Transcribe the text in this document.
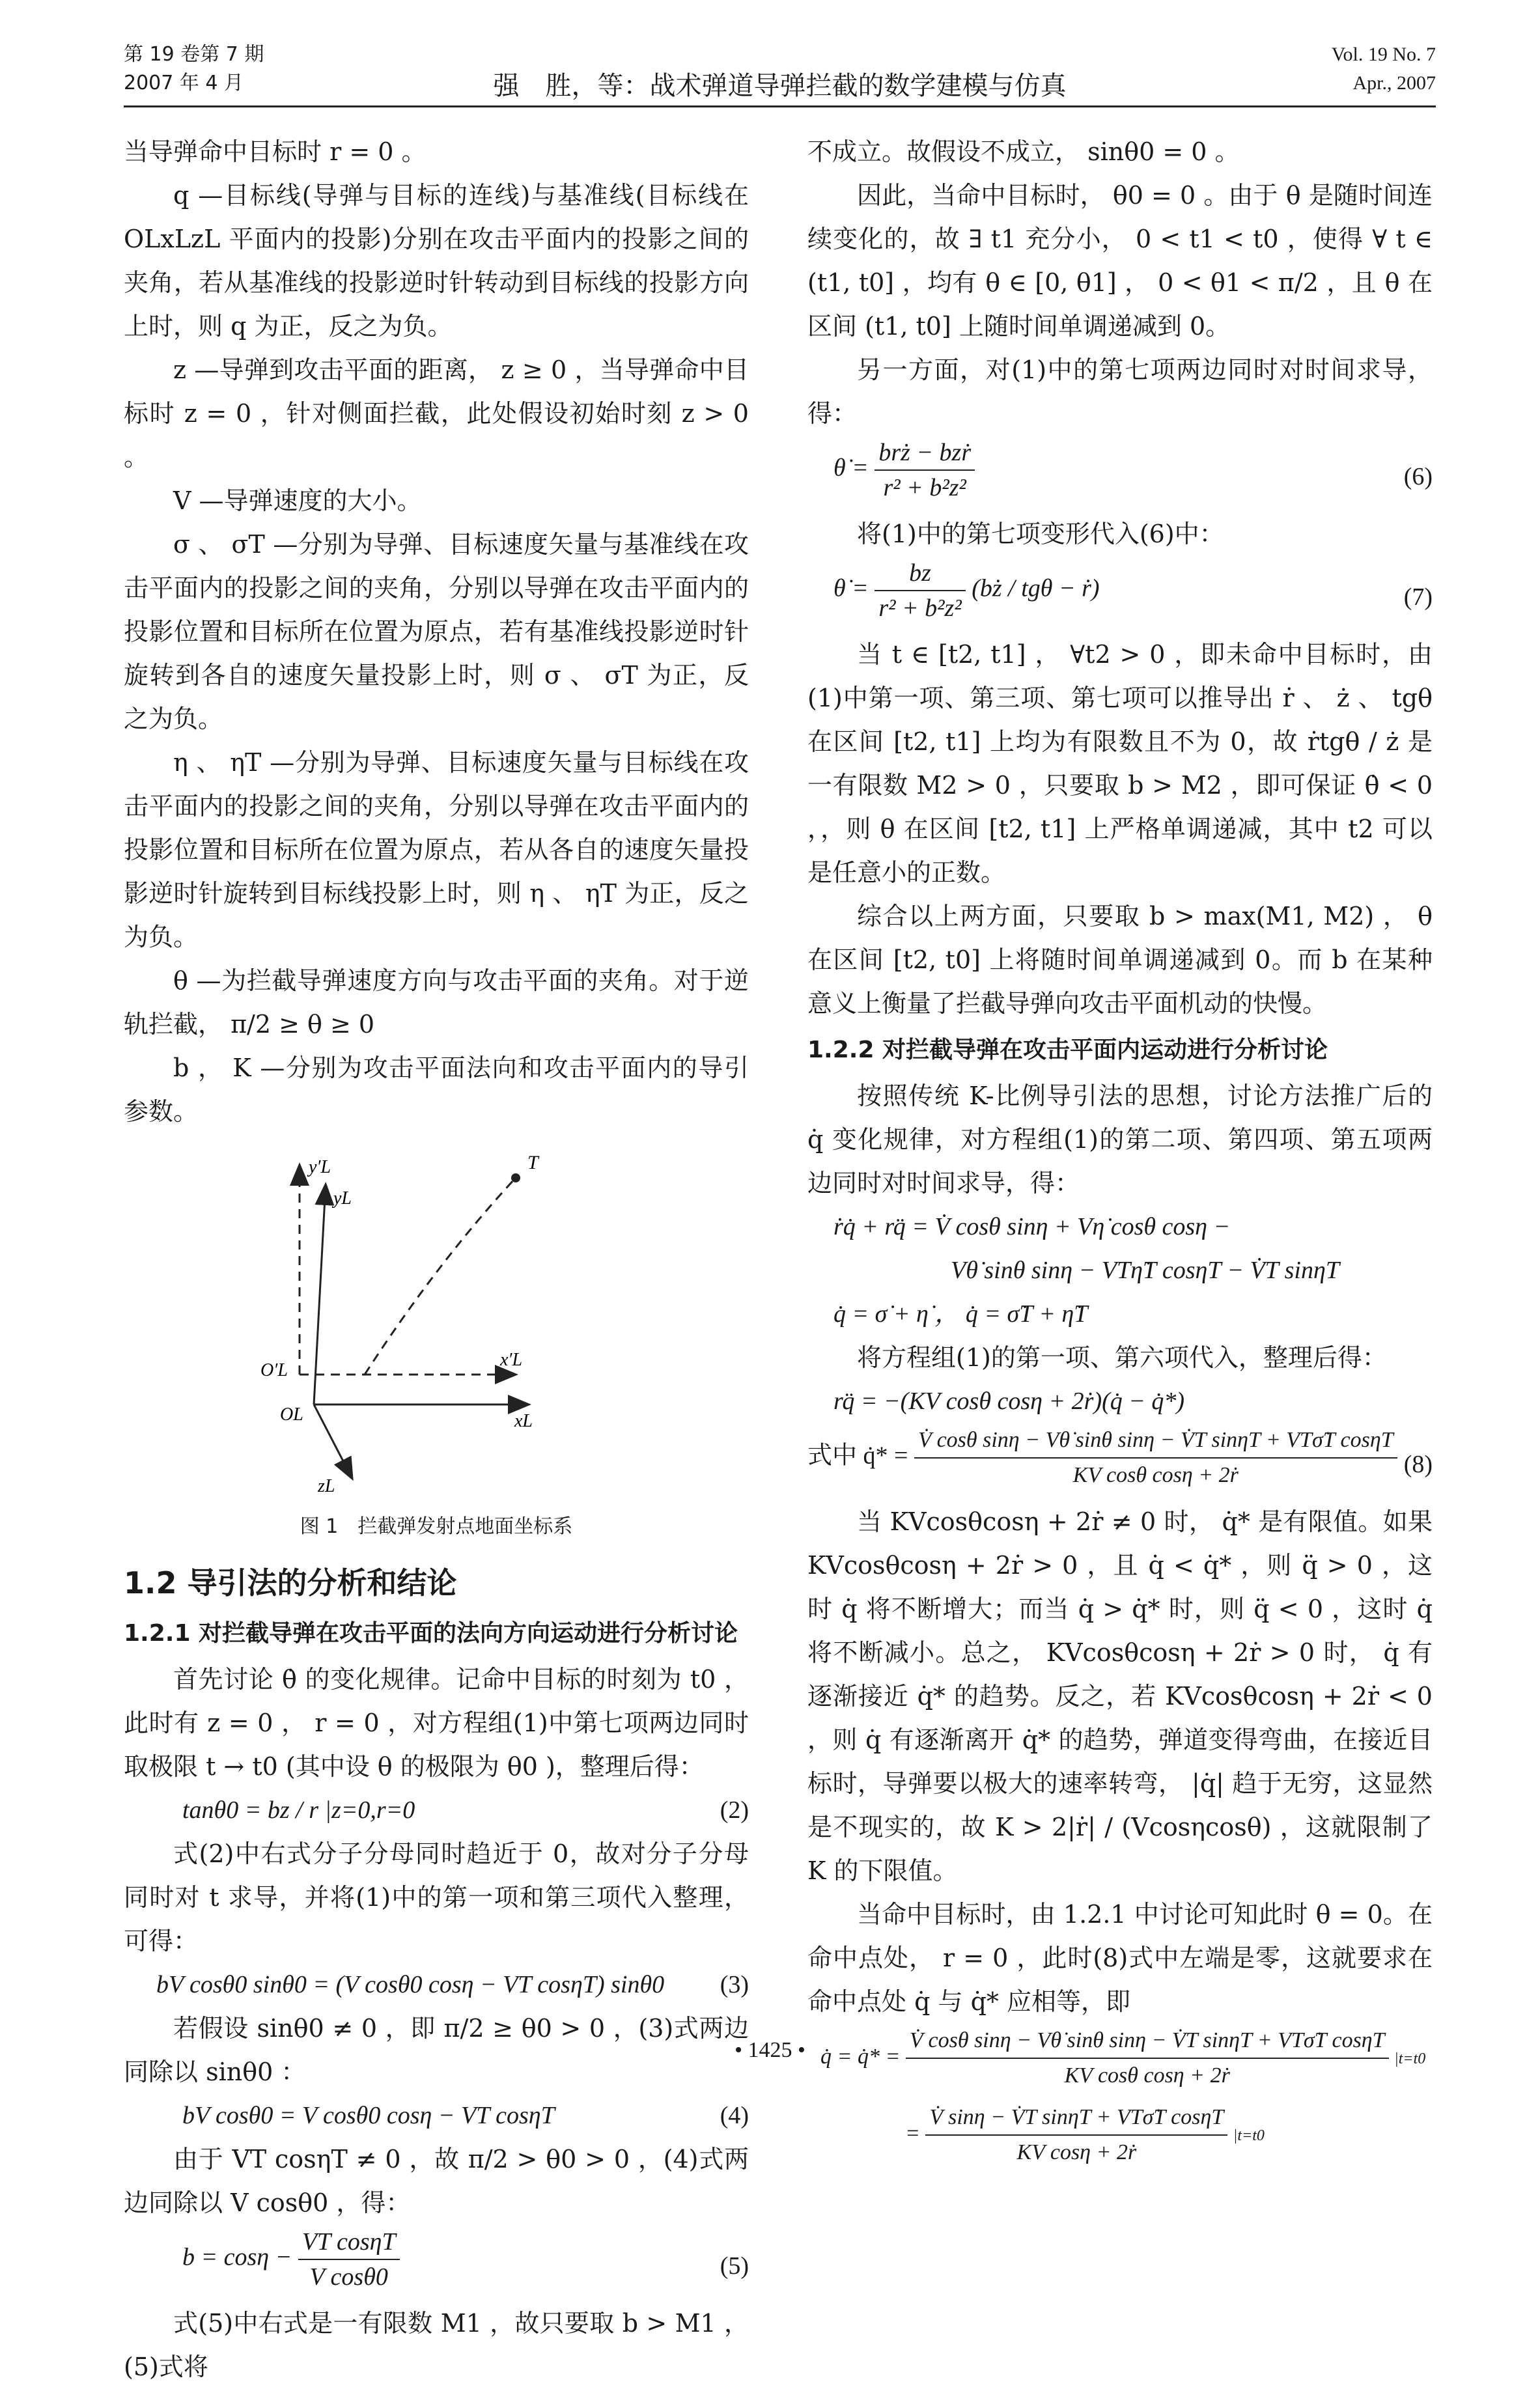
第 19 卷第 7 期	Vol. 19 No. 7
2007 年 4 月	强　胜，等：战术弹道导弹拦截的数学建模与仿真	Apr., 2007

当导弹命中目标时 r = 0 。

q —目标线(导弹与目标的连线)与基准线(目标线在 OLxLzL 平面内的投影)分别在攻击平面内的投影之间的夹角，若从基准线的投影逆时针转动到目标线的投影方向上时，则 q 为正，反之为负。

z —导弹到攻击平面的距离， z ≥ 0 ，当导弹命中目标时 z = 0 ，针对侧面拦截，此处假设初始时刻 z > 0 。

V —导弹速度的大小。

σ 、 σT —分别为导弹、目标速度矢量与基准线在攻击平面内的投影之间的夹角，分别以导弹在攻击平面内的投影位置和目标所在位置为原点，若有基准线投影逆时针旋转到各自的速度矢量投影上时，则 σ 、 σT 为正，反之为负。

η 、 ηT —分别为导弹、目标速度矢量与目标线在攻击平面内的投影之间的夹角，分别以导弹在攻击平面内的投影位置和目标所在位置为原点，若从各自的速度矢量投影逆时针旋转到目标线投影上时，则 η 、 ηT 为正，反之为负。

θ —为拦截导弹速度方向与攻击平面的夹角。对于逆轨拦截， π/2 ≥ θ ≥ 0

b ， K —分别为攻击平面法向和攻击平面内的导引参数。

T
y′L
yL
O′L
OL
x′L
xL
zL
图 1　拦截弹发射点地面坐标系
1.2 导引法的分析和结论
1.2.1 对拦截导弹在攻击平面的法向方向运动进行分析讨论

首先讨论 θ̇ 的变化规律。记命中目标的时刻为 t0 ，此时有 z = 0 ， r = 0 ，对方程组(1)中第七项两边同时取极限 t → t0 (其中设 θ 的极限为 θ0 )，整理后得：

tanθ0 = bz / r |z=0,r=0	(2)

式(2)中右式分子分母同时趋近于 0，故对分子分母同时对 t 求导，并将(1)中的第一项和第三项代入整理，可得：

bV cosθ0 sinθ0 = (V cosθ0 cosη − VT cosηT) sinθ0 (3)

若假设 sinθ0 ≠ 0 ，即 π/2 ≥ θ0 > 0 ，(3)式两边同除以 sinθ0 ：

bV cosθ0 = V cosθ0 cosη − VT cosηT	(4)

由于 VT cosηT ≠ 0 ，故 π/2 > θ0 > 0 ，(4)式两边同除以 V cosθ0 ，得：

$b = \cos\eta - \frac{\text{VT cosηT}}{\text{V cosθ0}}$	(5)

式(5)中右式是一有限数 M1 ，故只要取 b > M1 ，(5)式将

不成立。故假设不成立， sinθ0 = 0 。

因此，当命中目标时， θ0 = 0 。由于 θ 是随时间连续变化的，故 ∃ t1 充分小， 0 < t1 < t0 ，使得 ∀ t ∈ (t1, t0] ，均有 θ ∈ [0, θ1] ， 0 < θ1 < π/2 ，且 θ 在区间 (t1, t0] 上随时间单调递减到 0。

另一方面，对(1)中的第七项两边同时对时间求导，得：

θ̇ = $\frac{\text{brż − bzṙ}}{\text{r² + b²z²}}$	(6)

将(1)中的第七项变形代入(6)中：

θ̇ = $\frac{bz}{\text{r² + b²z²}}$ (bż / tgθ − ṙ)	(7)

当 t ∈ [t2, t1] ， ∀t2 > 0 ，即未命中目标时，由(1)中第一项、第三项、第七项可以推导出 ṙ 、 ż 、 tgθ 在区间 [t2, t1] 上均为有限数且不为 0，故 ṙtgθ / ż 是一有限数 M2 > 0 ，只要取 b > M2 ，即可保证 θ̇ < 0 ，，则 θ 在区间 [t2, t1] 上严格单调递减，其中 t2 可以是任意小的正数。

综合以上两方面，只要取 b > max(M1, M2) ， θ 在区间 [t2, t0] 上将随时间单调递减到 0。而 b 在某种意义上衡量了拦截导弹向攻击平面机动的快慢。

1.2.2 对拦截导弹在攻击平面内运动进行分析讨论

按照传统 K-比例导引法的思想，讨论方法推广后的 q̇ 变化规律，对方程组(1)的第二项、第四项、第五项两边同时对时间求导，得：

ṙq̇ + rq̈ = V̇ cosθ sinη + Vη̇ cosθ cosη −
Vθ̇ sinθ sinη − VTη̇T cosηT − V̇T sinηT
q̇ = σ̇ + η̇ ， q̇ = σ̇T + η̇T

将方程组(1)的第一项、第六项代入，整理后得：

rq̈ = −(KV cosθ cosη + 2ṙ)(q̇ − q̇*)
式中 q̇* = $\frac{\text{V̇ cosθ sinη − Vθ̇ sinθ sinη − V̇T sinηT + VTσ̇T cosηT}}{\text{KV cosθ cosη + 2ṙ}} (8)$

当 KVcosθcosη + 2ṙ ≠ 0 时， q̇* 是有限值。如果 KVcosθcosη + 2ṙ > 0 ，且 q̇ < q̇* ，则 q̈ > 0 ，这时 q̇ 将不断增大；而当 q̇ > q̇* 时，则 q̈ < 0 ，这时 q̇ 将不断减小。总之， KVcosθcosη + 2ṙ > 0 时， q̇ 有逐渐接近 q̇* 的趋势。反之，若 KVcosθcosη + 2ṙ < 0 ，则 q̇ 有逐渐离开 q̇* 的趋势，弹道变得弯曲，在接近目标时，导弹要以极大的速率转弯， |q̇| 趋于无穷，这显然是不现实的，故 K > 2|ṙ| / (Vcosηcosθ) ，这就限制了 K 的下限值。

当命中目标时，由 1.2.1 中讨论可知此时 θ = 0。在命中点处， r = 0 ，此时(8)式中左端是零，这就要求在命中点处 q̇ 与 q̇* 应相等，即

q̇ = q̇* = $\frac{\text{V̇ cosθ sinη − Vθ̇ sinθ sinη − V̇T sinηT + VTσ̇T cosηT}}{\text{KV cosθ cosη + 2ṙ}} |t=t0$
= $\frac{\text{V̇ sinη − V̇T sinηT + VTσ̇T cosηT}}{\text{KV cosη + 2ṙ}} |t=t0$
• 1425 •
